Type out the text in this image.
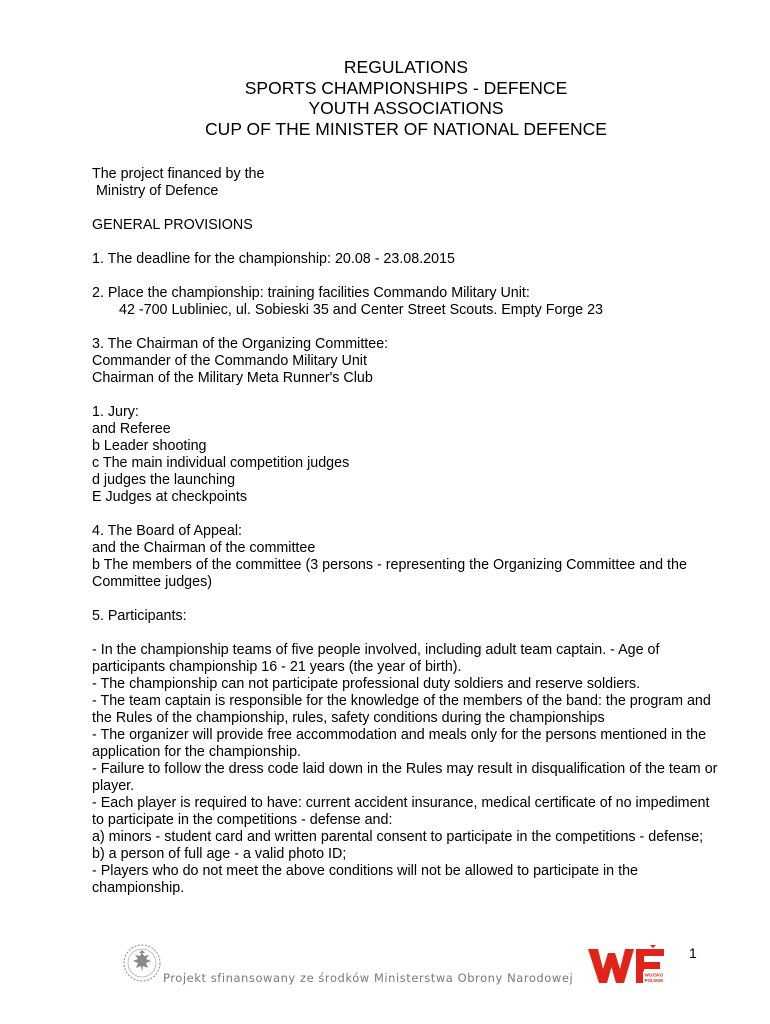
REGULATIONS
SPORTS CHAMPIONSHIPS - DEFENCE
YOUTH ASSOCIATIONS
CUP OF THE MINISTER OF NATIONAL DEFENCE

The project financed by the

Ministry of Defence

GENERAL PROVISIONS

1. The deadline for the championship: 20.08 - 23.08.2015

2. Place the championship: training facilities Commando Military Unit:

42 -700 Lubliniec, ul. Sobieski 35 and Center Street Scouts. Empty Forge 23

3. The Chairman of the Organizing Committee:

Commander of the Commando Military Unit

Chairman of the Military Meta Runner's Club

1. Jury:

and Referee

b Leader shooting

c The main individual competition judges

d judges the launching

E Judges at checkpoints

4. The Board of Appeal:

and the Chairman of the committee

b The members of the committee (3 persons - representing the Organizing Committee and the Committee judges)

5. Participants:

- In the championship teams of five people involved, including adult team captain. - Age of participants championship 16 - 21 years (the year of birth).

- The championship can not participate professional duty soldiers and reserve soldiers.

- The team captain is responsible for the knowledge of the members of the band: the program and the Rules of the championship, rules, safety conditions during the championships

- The organizer will provide free accommodation and meals only for the persons mentioned in the application for the championship.

- Failure to follow the dress code laid down in the Rules may result in disqualification of the team or player.

- Each player is required to have: current accident insurance, medical certificate of no impediment to participate in the competitions - defense and:

a) minors - student card and written parental consent to participate in the competitions - defense;

b) a person of full age - a valid photo ID;

- Players who do not meet the above conditions will not be allowed to participate in the championship.

Projekt sfinansowany ze środków Ministerstwa Obrony Narodowej	WOJSKO
POLSKIE
1
